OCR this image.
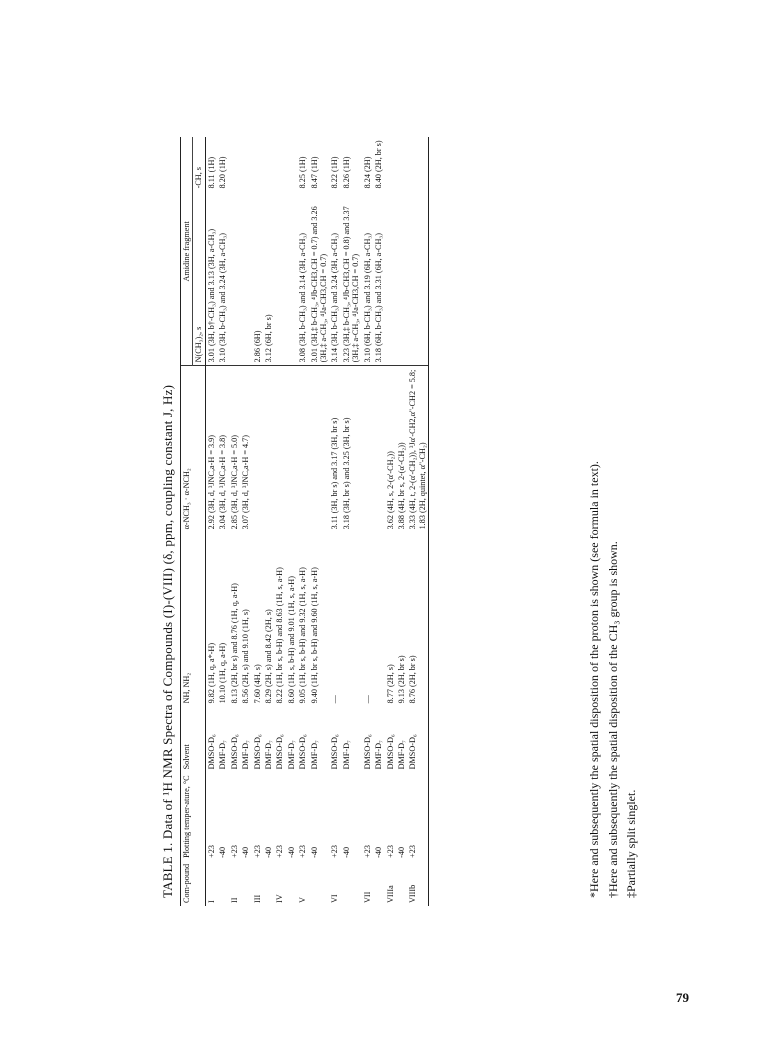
TABLE 1. Data of ¹H NMR Spectra of Compounds (I)-(VIII) (δ, ppm, coupling constant J, Hz) Com-pound	Plotting temper-ature, °C	Solvent	NH, NH₂	α-NCH₃ · α-NCH₂	Amidine fragment	
					N(CH₃)₂, s	-CH, s
I	+23	DMSO-D₆	9.82 (1H, q, a*-H)	2.92 (3H, d, ³JNC,a-H = 3.9)	3.01 (3H, b†-CH₃) and 3.13 (3H, a-CH₃)	8.11 (1H)
	-40	DMF-D₇	10.10 (1H, q, a-H)	3.04 (3H, d, ³JNC,a-H = 3.8)	3.10 (3H, b-CH₃) and 3.24 (3H, a-CH₃)	8.20 (1H)
II	+23	DMSO-D₆	8.13 (2H, br s) and 8.76 (1H, q, a-H)	2.85 (3H, d, ³JNC,a-H = 5.0)		
	-40	DMF-D₇	8.56 (2H, s) and 9.10 (1H, s)	3.07 (3H, d, ³JNC,a-H = 4.7)		
III	+23	DMSO-D₆	7.60 (4H, s)		2.86 (6H)	
	-40	DMF-D₇	8.29 (2H, s) and 8.42 (2H, s)		3.12 (6H, br s)	
IV	+23	DMSO-D₆	8.22 (1H, br s, b-H) and 8.63 (1H, s, a-H)			
	-40	DMF-D₇	8.60 (1H, s, b-H) and 9.01 (1H, s, a-H)			
V	+23	DMSO-D₆	9.05 (1H, br s, b-H) and 9.32 (1H, s, a-H)		3.08 (3H, b-CH₃) and 3.14 (3H, a-CH₃)	8.25 (1H)
	-40	DMF-D₇	9.40 (1H, br s, b-H) and 9.60 (1H, s, a-H)		3.01 (3H,‡ b-CH₃, ⁴Jb-CH3,CH = 0.7) and 3.26 (3H,‡ a-CH₃, ⁴Ja-CH3,CH = 0.7)	8.47 (1H)
VI	+23	DMSO-D₆	—	3.11 (3H, br s) and 3.17 (3H, br s)	3.14 (3H, b-CH₃) and 3.24 (3H, a-CH₃)	8.22 (1H)
	-40	DMF-D₇		3.18 (3H, br s) and 3.25 (3H, br s)	3.23 (3H,‡ b-CH₃, ⁴Jb-CH3,CH = 0.8) and 3.37 (3H,‡ a-CH₃, ⁴Ja-CH3,CH = 0.7)	8.26 (1H)
VII	+23	DMSO-D₆	—		3.10 (6H, b-CH₃) and 3.19 (6H, a-CH₃)	8.24 (2H)
	-40	DMF-D₇			3.18 (6H, b-CH₃) and 3.31 (6H, a-CH₃)	8.40 (2H, br s)
VIIIa	+23	DMSO-D₆	8.77 (2H, s)	3.62 (4H, s, 2-(α'-CH₂))		
	-40	DMF-D₇	9.13 (2H, br s)	3.88 (4H, br s, 2-(α'-CH₂))		
VIIIb	+23	DMSO-D₆	8.76 (2H, br s)	3.33 (4H, t, 2-(α'-CH₂)), ³Jα'-CH2,α''-CH2 = 5.8; 1.83 (2H, quintet, α''-CH₂)			*Here and subsequently the spatial disposition of the proton is shown (see formula in text). †Here and subsequently the spatial disposition of the CH₃ group is shown. ‡Partially split singlet.
79
